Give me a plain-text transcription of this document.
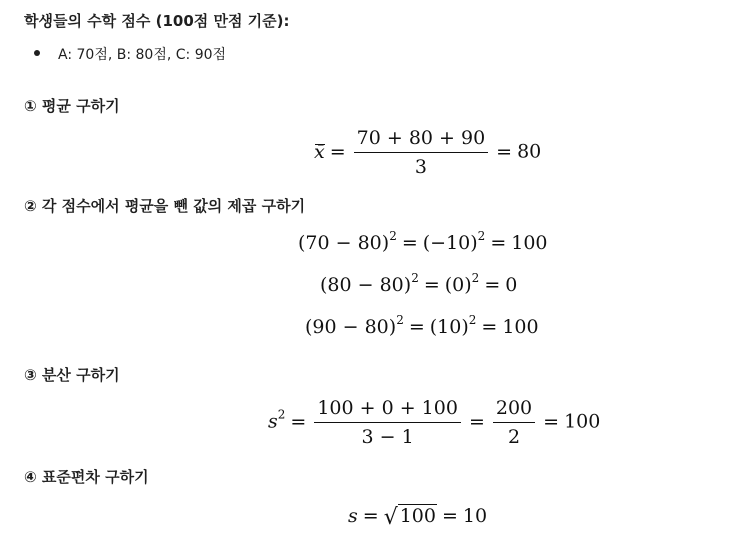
학생들의 수학 점수 (100점 만점 기준):
A: 70점, B: 80점, C: 90점
① 평균 구하기
x̄ = $\frac{70 + 80 + 90}{3} = 80$
② 각 점수에서 평균을 뺀 값의 제곱 구하기
$(70 - 80)^2 = (-10)^2 = 100$
$(80 - 80)^2 = (0)^2 = 0$
$(90 - 80)^2 = (10)^2 = 100$
③ 분산 구하기
$s^2 = \frac{100 + 0 + 100}{3 - 1} = \frac{200}{2} = 100$
④ 표준편차 구하기
s = √ 100 = 10
